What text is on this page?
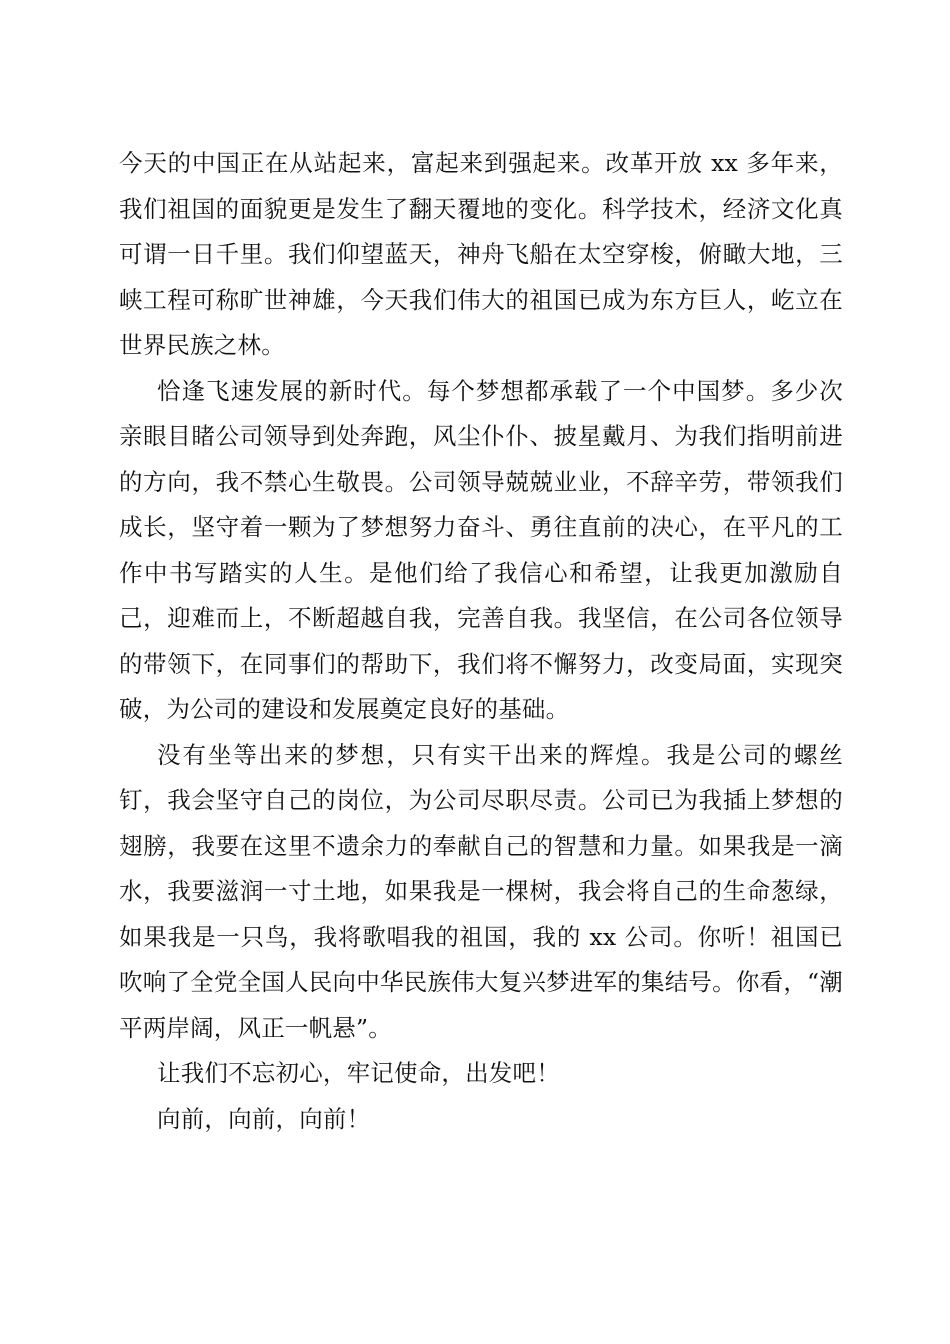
今天的中国正在从站起来，富起来到强起来。改革开放 xx 多年来，我们祖国的面貌更是发生了翻天覆地的变化。科学技术，经济文化真可谓一日千里。我们仰望蓝天，神舟飞船在太空穿梭，俯瞰大地，三峡工程可称旷世神雄，今天我们伟大的祖国已成为东方巨人，屹立在世界民族之林。

恰逢飞速发展的新时代。每个梦想都承载了一个中国梦。多少次亲眼目睹公司领导到处奔跑，风尘仆仆、披星戴月、为我们指明前进的方向，我不禁心生敬畏。公司领导兢兢业业，不辞辛劳，带领我们成长，坚守着一颗为了梦想努力奋斗、勇往直前的决心，在平凡的工作中书写踏实的人生。是他们给了我信心和希望，让我更加激励自己，迎难而上，不断超越自我，完善自我。我坚信，在公司各位领导的带领下，在同事们的帮助下，我们将不懈努力，改变局面，实现突破，为公司的建设和发展奠定良好的基础。

没有坐等出来的梦想，只有实干出来的辉煌。我是公司的螺丝钉，我会坚守自己的岗位，为公司尽职尽责。公司已为我插上梦想的翅膀，我要在这里不遗余力的奉献自己的智慧和力量。如果我是一滴水，我要滋润一寸土地，如果我是一棵树，我会将自己的生命葱绿，如果我是一只鸟，我将歌唱我的祖国，我的 xx 公司。你听！祖国已吹响了全党全国人民向中华民族伟大复兴梦进军的集结号。你看，“潮平两岸阔，风正一帆悬”。

让我们不忘初心，牢记使命，出发吧！

向前，向前，向前！
